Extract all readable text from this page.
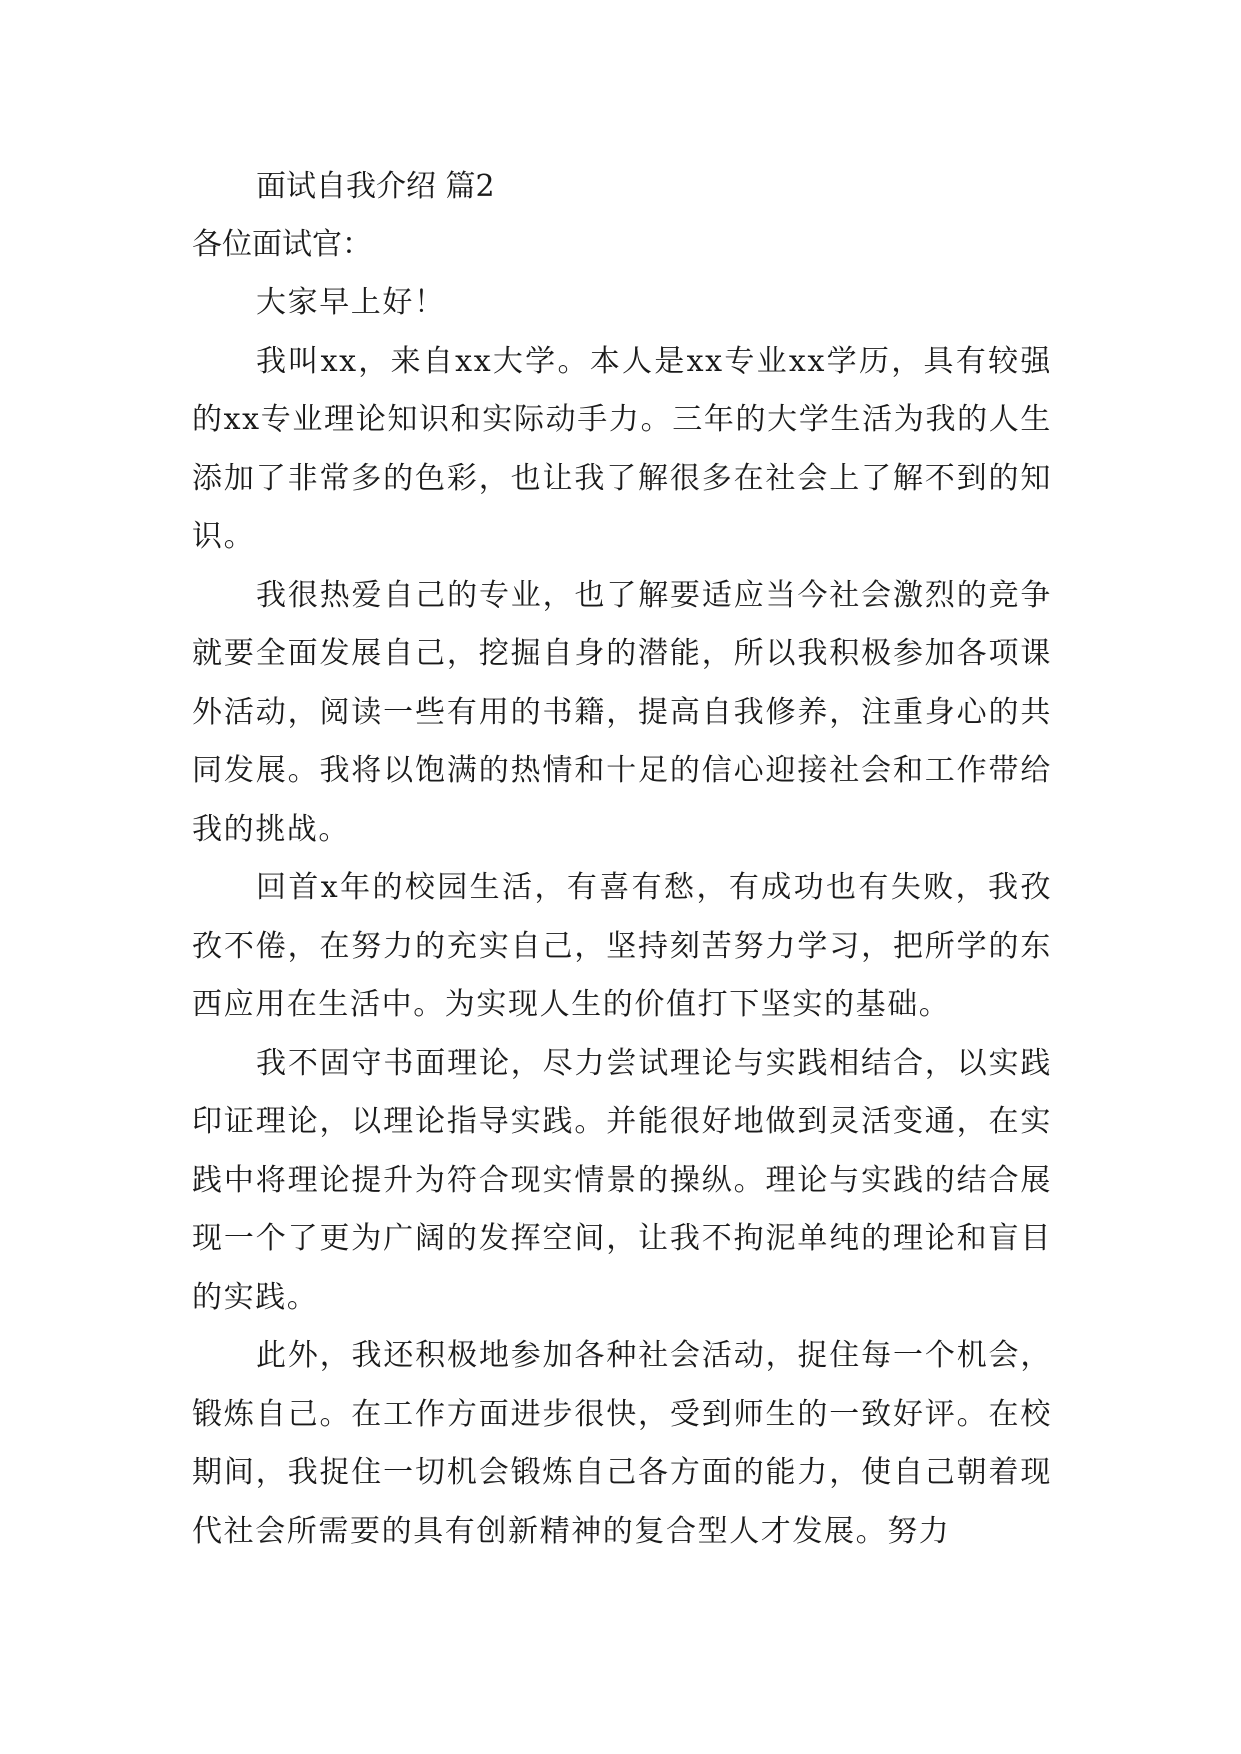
面试自我介绍 篇2

各位面试官：

大家早上好！

我叫xx，来自xx大学。本人是xx专业xx学历，具有较强的xx专业理论知识和实际动手力。三年的大学生活为我的人生添加了非常多的色彩，也让我了解很多在社会上了解不到的知识。

我很热爱自己的专业，也了解要适应当今社会激烈的竞争就要全面发展自己，挖掘自身的潜能，所以我积极参加各项课外活动，阅读一些有用的书籍，提高自我修养，注重身心的共同发展。我将以饱满的热情和十足的信心迎接社会和工作带给我的挑战。

回首x年的校园生活，有喜有愁，有成功也有失败，我孜孜不倦，在努力的充实自己，坚持刻苦努力学习，把所学的东西应用在生活中。为实现人生的价值打下坚实的基础。

我不固守书面理论，尽力尝试理论与实践相结合，以实践印证理论，以理论指导实践。并能很好地做到灵活变通，在实践中将理论提升为符合现实情景的操纵。理论与实践的结合展现一个了更为广阔的发挥空间，让我不拘泥单纯的理论和盲目的实践。

此外，我还积极地参加各种社会活动，捉住每一个机会，锻炼自己。在工作方面进步很快，受到师生的一致好评。在校期间，我捉住一切机会锻炼自己各方面的能力，使自己朝着现代社会所需要的具有创新精神的复合型人才发展。努力
